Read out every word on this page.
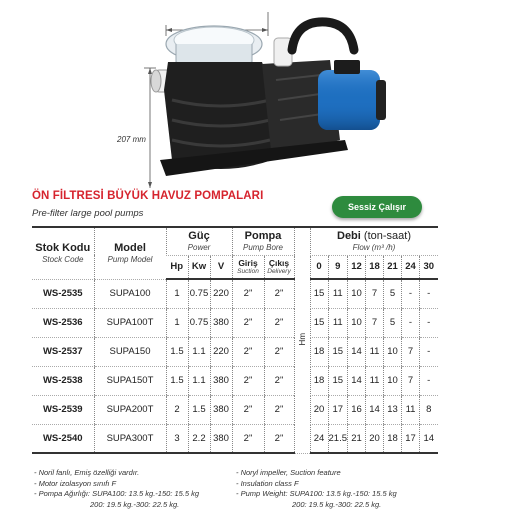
207 mm
ÖN FİLTRESİ BÜYÜK HAVUZ POMPALARI
Pre-filter large pool pumps
Sessiz Çalışır
Stok Kodu
Stock Code	Model
Pump Model	Güç
Power			Pompa
Pump Bore		Hm	Debi (ton-saat)
Flow (m³ /h)						

		Hp	Kw	V	Giriş
Suction	Çıkış
Delivery		0	9	12	18	21	24	30
WS-2535	SUPA100	1	0.75	220	2"	2"		15	11	10	7	5	-	-
WS-2536	SUPA100T	1	0.75	380	2"	2"		15	11	10	7	5	-	-
WS-2537	SUPA150	1.5	1.1	220	2"	2"		18	15	14	11	10	7	-
WS-2538	SUPA150T	1.5	1.1	380	2"	2"		18	15	14	11	10	7	-
WS-2539	SUPA200T	2	1.5	380	2"	2"		20	17	16	14	13	11	8
WS-2540	SUPA300T	3	2.2	380	2"	2"		24	21.5	21	20	18	17	14
- Noril fanlı, Emiş özelliği vardır.
- Motor izolasyon sınıfı F
- Pompa Ağırlığı: SUPA100: 13.5 kg.-150: 15.5 kg
200: 19.5 kg.-300: 22.5 kg.
- Noryl impeller, Suction feature
- Insulation class F
- Pump Weight: SUPA100: 13.5 kg.-150: 15.5 kg
200: 19.5 kg.-300: 22.5 kg.
